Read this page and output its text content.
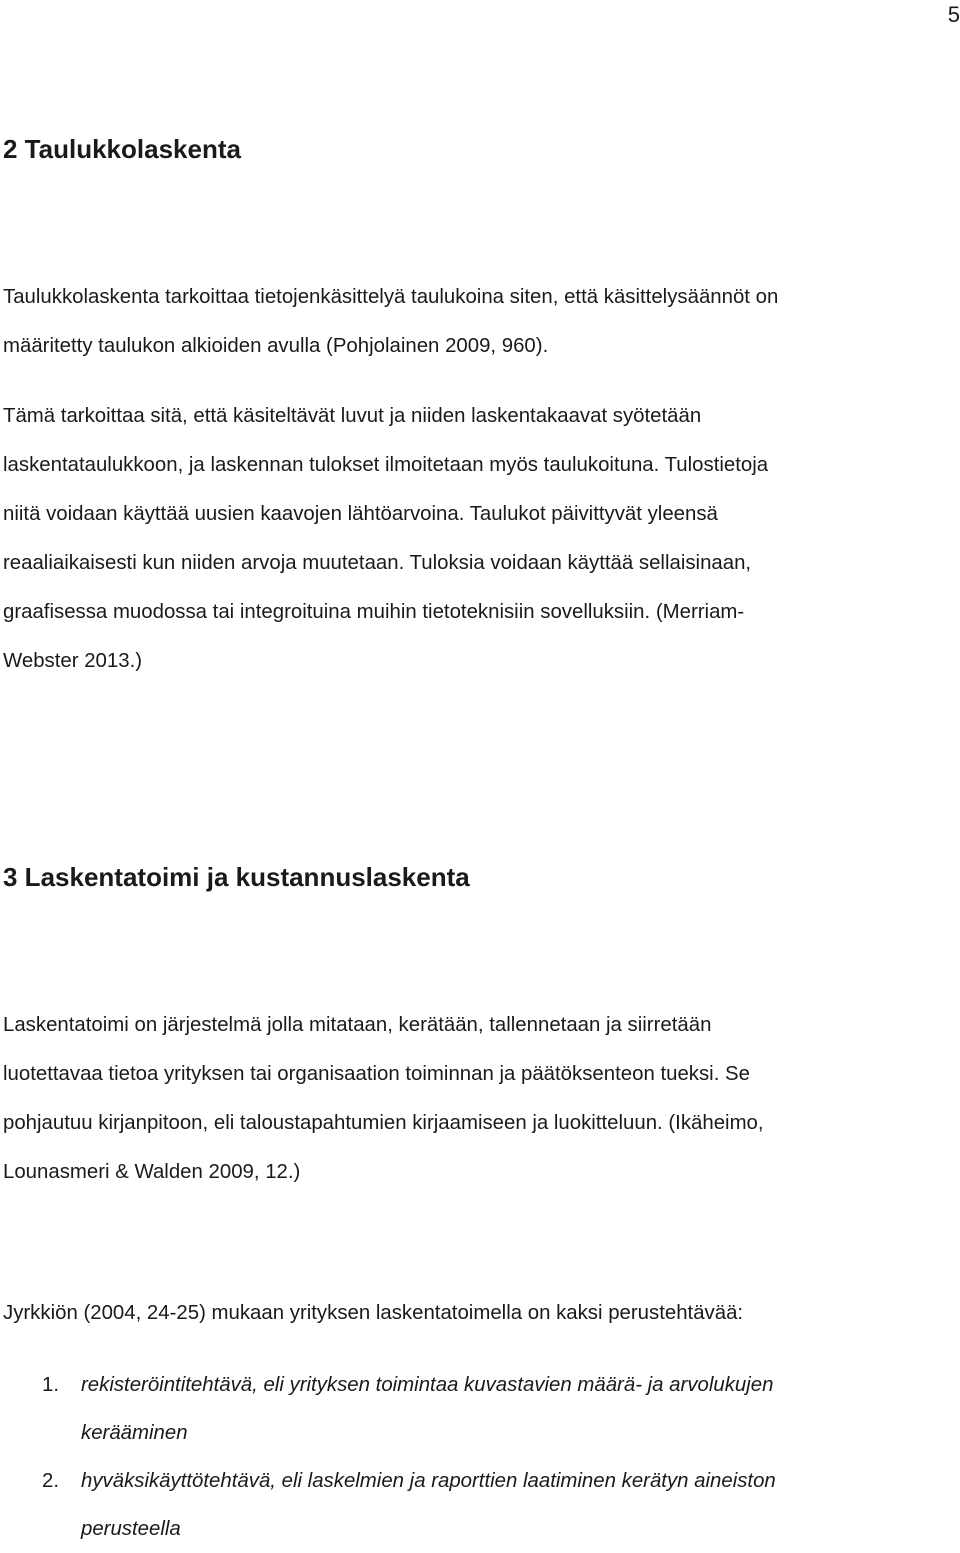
5
2 Taulukkolaskenta

Taulukkolaskenta tarkoittaa tietojenkäsittelyä taulukoina siten, että käsittelysäännöt on
määritetty taulukon alkioiden avulla (Pohjolainen 2009, 960).

Tämä tarkoittaa sitä, että käsiteltävät luvut ja niiden laskentakaavat syötetään
laskentataulukkoon, ja laskennan tulokset ilmoitetaan myös taulukoituna. Tulostietoja
niitä voidaan käyttää uusien kaavojen lähtöarvoina. Taulukot päivittyvät yleensä
reaaliaikaisesti kun niiden arvoja muutetaan. Tuloksia voidaan käyttää sellaisinaan,
graafisessa muodossa tai integroituina muihin tietoteknisiin sovelluksiin. (Merriam-
Webster 2013.)

3 Laskentatoimi ja kustannuslaskenta

Laskentatoimi on järjestelmä jolla mitataan, kerätään, tallennetaan ja siirretään
luotettavaa tietoa yrityksen tai organisaation toiminnan ja päätöksenteon tueksi. Se
pohjautuu kirjanpitoon, eli taloustapahtumien kirjaamiseen ja luokitteluun. (Ikäheimo,
Lounasmeri & Walden 2009, 12.)

Jyrkkiön (2004, 24-25) mukaan yrityksen laskentatoimella on kaksi perustehtävää:

1. rekisteröintitehtävä, eli yrityksen toimintaa kuvastavien määrä- ja arvolukujen
kerääminen
2. hyväksikäyttötehtävä, eli laskelmien ja raporttien laatiminen kerätyn aineiston
perusteella
